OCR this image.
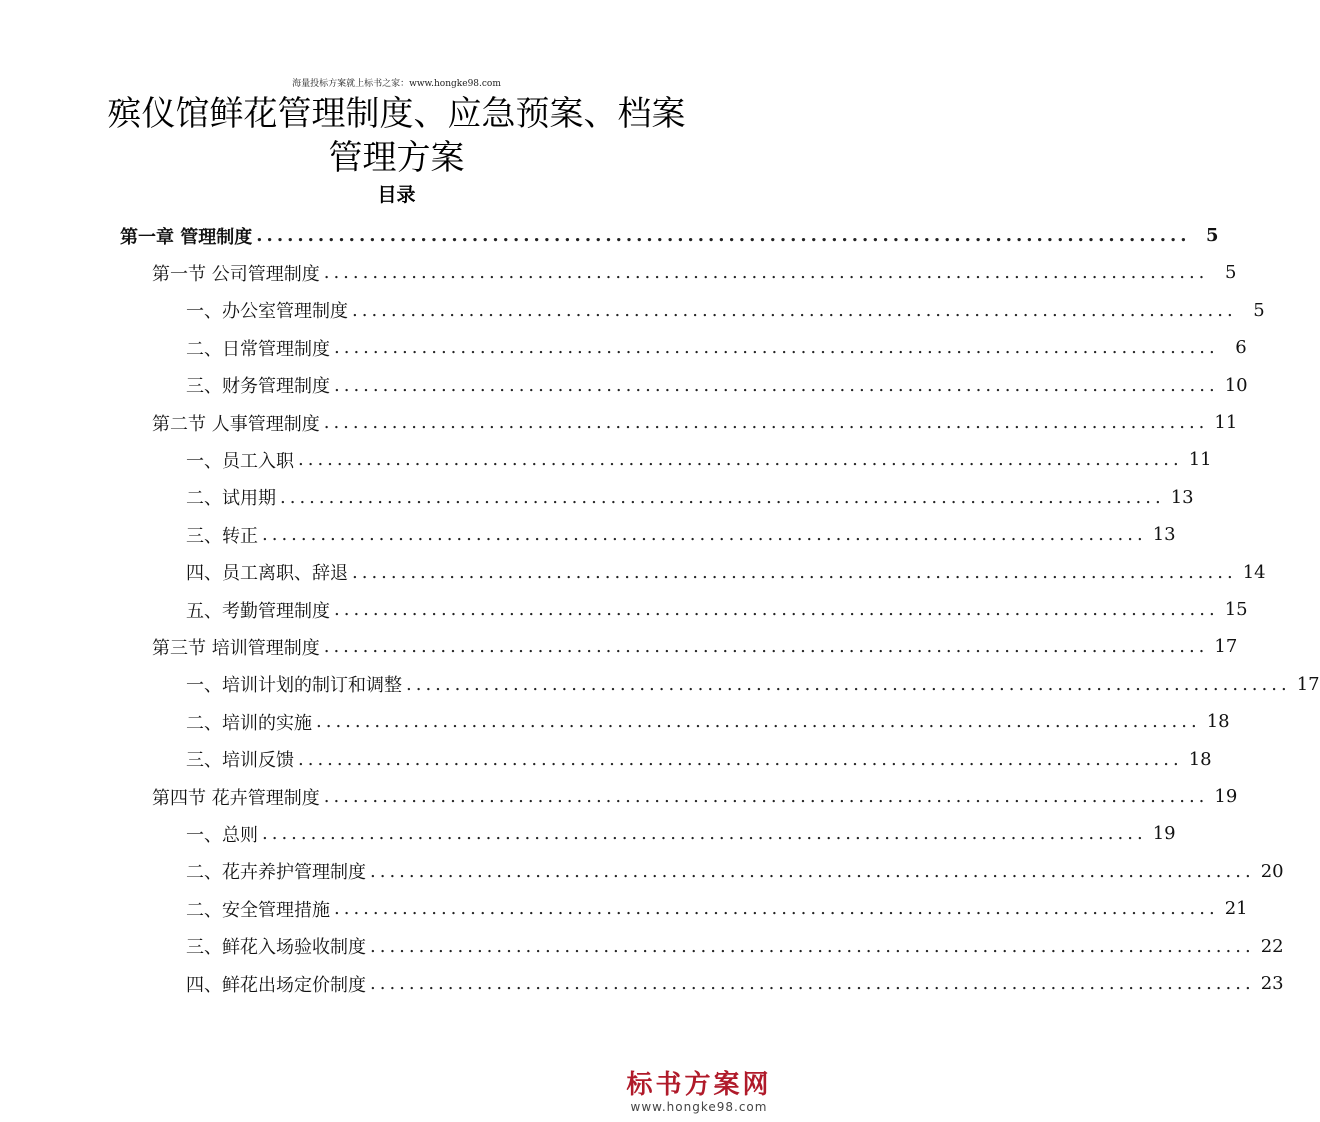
海量投标方案就上标书之家：www.hongke98.com
殡仪馆鲜花管理制度、应急预案、档案管理方案
目录
第一章 管理制度 ........................................................................................... 5
第一节 公司管理制度 ........................................................................................... 5
一、办公室管理制度 ........................................................................................... 5
二、日常管理制度 ........................................................................................... 6
三、财务管理制度 ........................................................................................... 10
第二节 人事管理制度 ........................................................................................... 11
一、员工入职 ........................................................................................... 11
二、试用期 ........................................................................................... 13
三、转正 ........................................................................................... 13
四、员工离职、辞退 ........................................................................................... 14
五、考勤管理制度 ........................................................................................... 15
第三节 培训管理制度 ........................................................................................... 17
一、培训计划的制订和调整 ........................................................................................... 17
二、培训的实施 ........................................................................................... 18
三、培训反馈 ........................................................................................... 18
第四节 花卉管理制度 ........................................................................................... 19
一、总则 ........................................................................................... 19
二、花卉养护管理制度 ........................................................................................... 20
二、安全管理措施 ........................................................................................... 21
三、鲜花入场验收制度 ........................................................................................... 22
四、鲜花出场定价制度 ........................................................................................... 23
标书方案网
www.hongke98.com
